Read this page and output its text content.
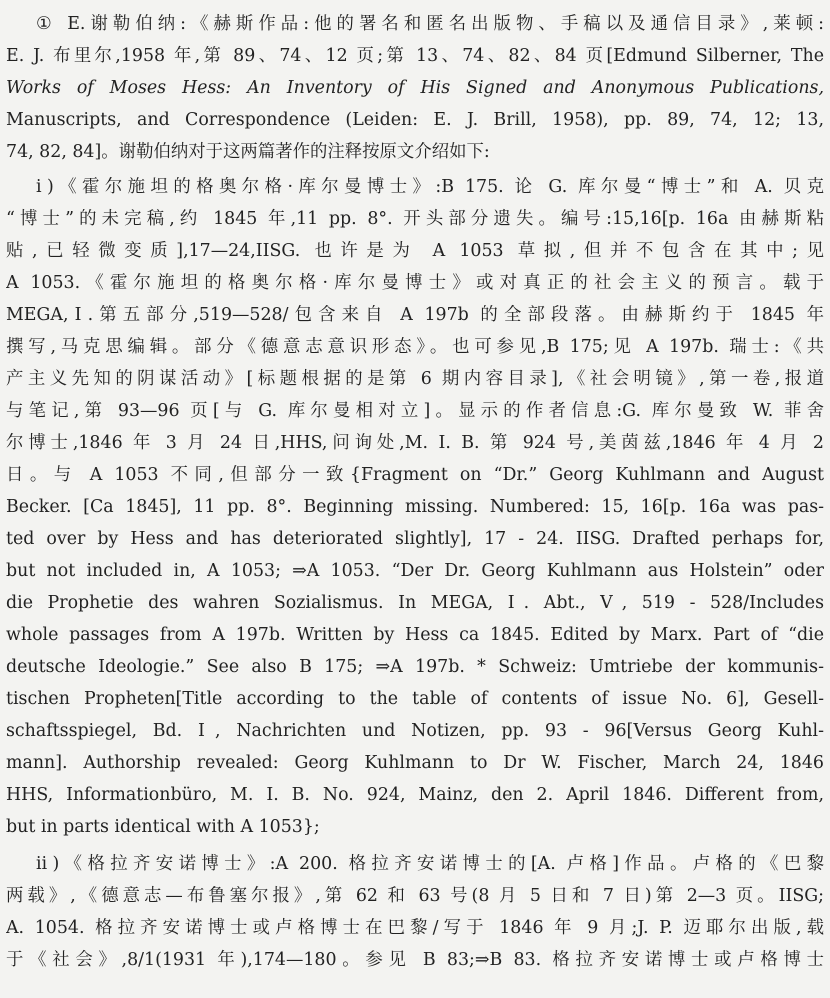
① E.谢勒伯纳:《赫斯作品:他的署名和匿名出版物、手稿以及通信目录》,莱顿:
E. J. 布里尔,1958 年,第 89、74、12 页;第 13、74、82、84 页[Edmund Silberner, The
Works of Moses Hess: An Inventory of His Signed and Anonymous Publications,
Manuscripts, and Correspondence (Leiden: E. J. Brill, 1958), pp. 89, 74, 12; 13,
74, 82, 84]。谢勒伯纳对于这两篇著作的注释按原文介绍如下:
ⅰ)《霍尔施坦的格奥尔格·库尔曼博士》:B 175. 论 G. 库尔曼“博士”和 A. 贝克
“博士”的未完稿,约 1845 年,11 pp. 8°. 开头部分遗失。编号:15,16[p. 16a 由赫斯粘
贴,已轻微变质],17—24,IISG. 也许是为 A 1053 草拟,但并不包含在其中;见
A 1053.《霍尔施坦的格奥尔格·库尔曼博士》或对真正的社会主义的预言。载于
MEGA,Ⅰ.第五部分,519—528/包含来自 A 197b 的全部段落。由赫斯约于 1845 年
撰写,马克思编辑。部分《德意志意识形态》。也可参见,B 175;见 A 197b. 瑞士:《共
产主义先知的阴谋活动》[标题根据的是第 6 期内容目录],《社会明镜》,第一卷,报道
与笔记,第 93—96 页[与 G. 库尔曼相对立]。显示的作者信息:G. 库尔曼致 W. 菲舍
尔博士,1846 年 3 月 24 日,HHS,问询处,M. I. B. 第 924 号,美茵兹,1846 年 4 月 2
日。与 A 1053 不同,但部分一致{Fragment on “Dr.” Georg Kuhlmann and August
Becker. [Ca 1845], 11 pp. 8°. Beginning missing. Numbered: 15, 16[p. 16a was pas-
ted over by Hess and has deteriorated slightly], 17 - 24. IISG. Drafted perhaps for,
but not included in, A 1053; ⇒A 1053. “Der Dr. Georg Kuhlmann aus Holstein” oder
die Prophetie des wahren Sozialismus. In MEGA, Ⅰ. Abt., Ⅴ, 519 - 528/Includes
whole passages from A 197b. Written by Hess ca 1845. Edited by Marx. Part of “die
deutsche Ideologie.” See also B 175; ⇒A 197b. * Schweiz: Umtriebe der kommunis-
tischen Propheten[Title according to the table of contents of issue No. 6], Gesell-
schaftsspiegel, Bd. Ⅰ, Nachrichten und Notizen, pp. 93 - 96[Versus Georg Kuhl-
mann]. Authorship revealed: Georg Kuhlmann to Dr W. Fischer, March 24, 1846
HHS, Informationbüro, M. I. B. No. 924, Mainz, den 2. April 1846. Different from,
but in parts identical with A 1053};
ⅱ)《格拉齐安诺博士》:A 200. 格拉齐安诺博士的[A. 卢格]作品。卢格的《巴黎
两载》,《德意志—布鲁塞尔报》,第 62 和 63 号(8 月 5 日和 7 日)第 2—3 页。IISG;
A. 1054. 格拉齐安诺博士或卢格博士在巴黎/写于 1846 年 9 月;J. P. 迈耶尔出版,载
于《社会》,8/1(1931 年),174—180。参见 B 83;⇒B 83. 格拉齐安诺博士或卢格博士
